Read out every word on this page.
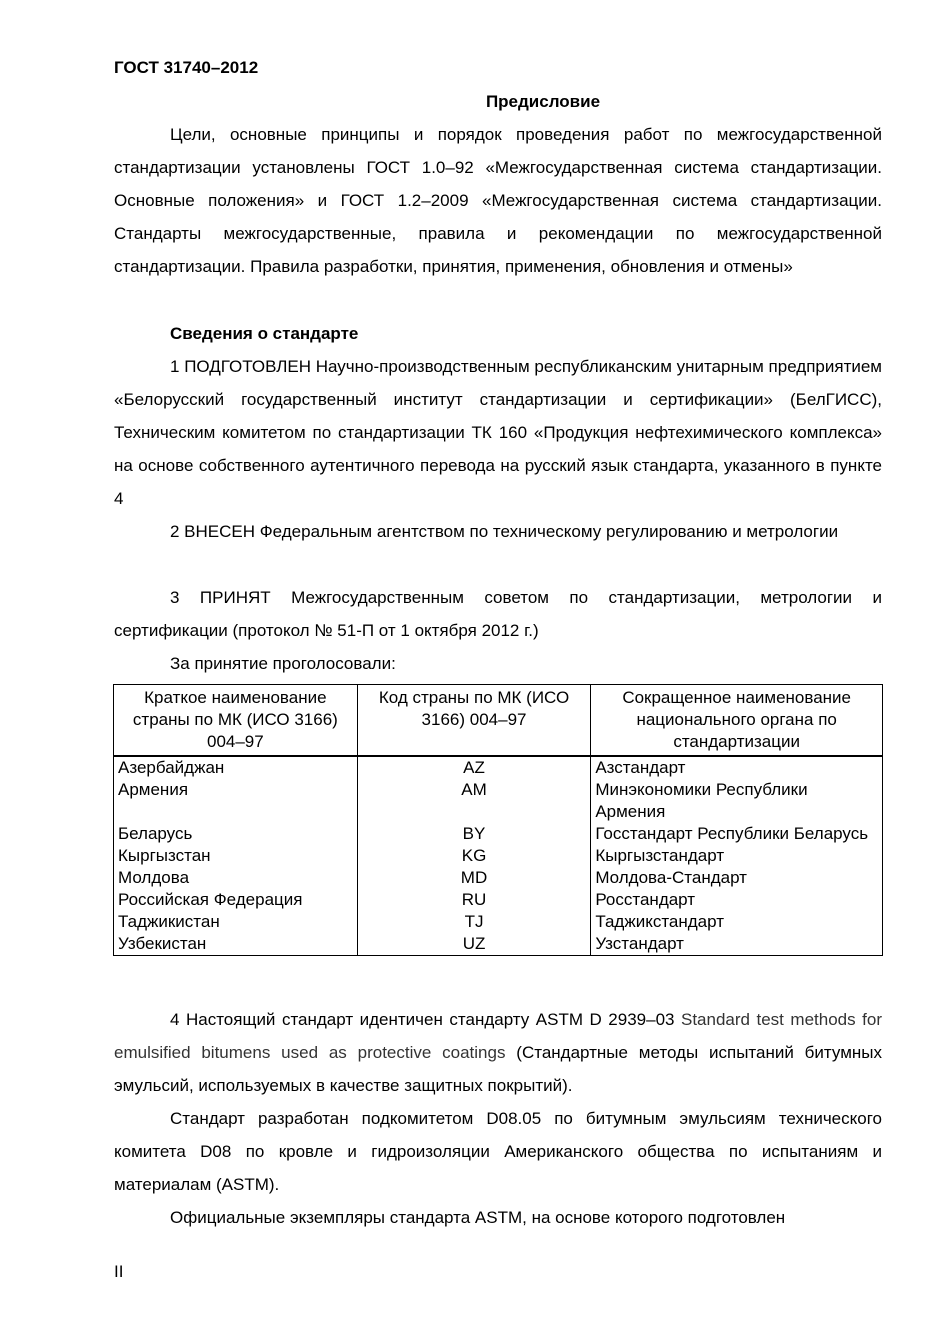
ГОСТ 31740–2012
Предисловие
Цели, основные принципы и порядок проведения работ по межгосударственной стандартизации установлены ГОСТ 1.0–92 «Межгосударственная система стандартизации. Основные положения» и ГОСТ 1.2–2009 «Межгосударственная система стандартизации. Стандарты межгосударственные, правила и рекомендации по межгосударственной стандартизации. Правила разработки, принятия, применения, обновления и отмены»
Сведения о стандарте
1 ПОДГОТОВЛЕН Научно-производственным республиканским унитарным предприятием «Белорусский государственный институт стандартизации и сертификации» (БелГИСС), Техническим комитетом по стандартизации ТК 160 «Продукция нефтехимического комплекса» на основе собственного аутентичного перевода на русский язык стандарта, указанного в пункте 4
2 ВНЕСЕН Федеральным агентством по техническому регулированию и метрологии
3 ПРИНЯТ Межгосударственным советом по стандартизации, метрологии и сертификации (протокол № 51-П от 1 октября 2012 г.)
За принятие проголосовали:
Краткое наименование страны по МК (ИСО 3166) 004–97	Код страны по МК (ИСО 3166) 004–97	Сокращенное наименование национального органа по стандартизации
Азербайджан	AZ	Азстандарт
Армения	AM	Минэкономики Республики Армения
Беларусь	BY	Госстандарт Республики Беларусь
Кыргызстан	KG	Кыргызстандарт
Молдова	MD	Молдова-Стандарт
Российская Федерация	RU	Росстандарт
Таджикистан	TJ	Таджикстандарт
Узбекистан	UZ	Узстандарт
4 Настоящий стандарт идентичен стандарту ASTM D 2939–03 Standard test methods for emulsified bitumens used as protective coatings (Стандартные методы испытаний битумных эмульсий, используемых в качестве защитных покрытий).
Стандарт разработан подкомитетом D08.05 по битумным эмульсиям технического комитета D08 по кровле и гидроизоляции Американского общества по испытаниям и материалам (ASTM).
Официальные экземпляры стандарта ASTM, на основе которого подготовлен
II
